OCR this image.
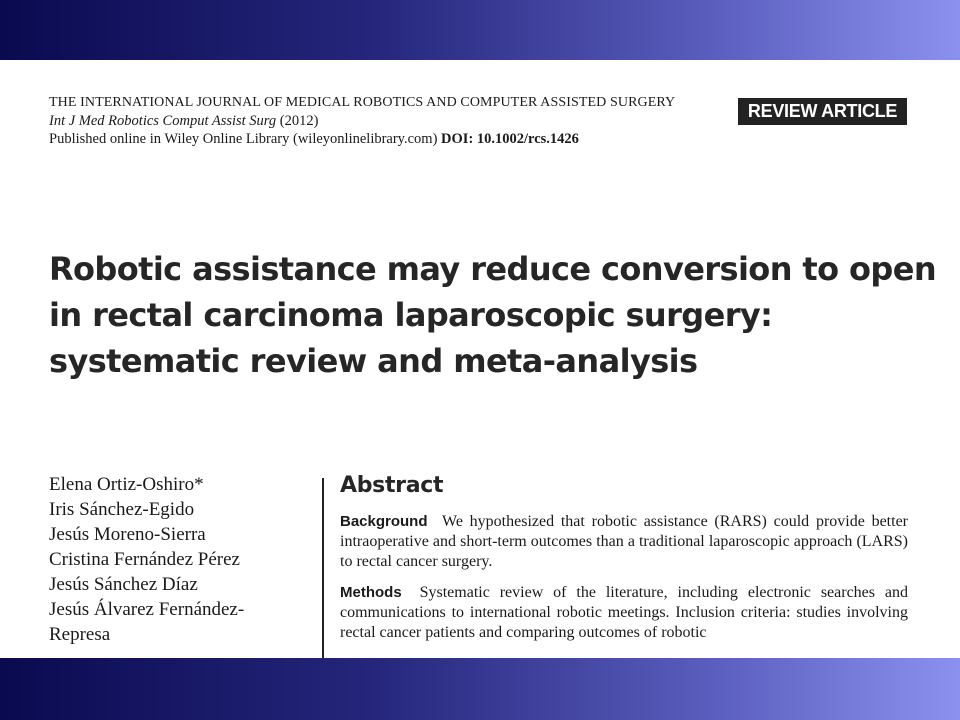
THE INTERNATIONAL JOURNAL OF MEDICAL ROBOTICS AND COMPUTER ASSISTED SURGERY
Int J Med Robotics Comput Assist Surg (2012)
Published online in Wiley Online Library (wileyonlinelibrary.com) DOI: 10.1002/rcs.1426
REVIEW ARTICLE
Robotic assistance may reduce conversion to open
in rectal carcinoma laparoscopic surgery:
systematic review and meta-analysis
Elena Ortiz-Oshiro*
Iris Sánchez-Egido
Jesús Moreno-Sierra
Cristina Fernández Pérez
Jesús Sánchez Díaz
Jesús Álvarez Fernández-
Represa
Abstract

Background We hypothesized that robotic assistance (RARS) could provide better intraoperative and short-term outcomes than a traditional laparoscopic approach (LARS) to rectal cancer surgery.

Methods Systematic review of the literature, including electronic searches and communications to international robotic meetings. Inclusion criteria: studies involving rectal cancer patients and comparing outcomes of robotic
